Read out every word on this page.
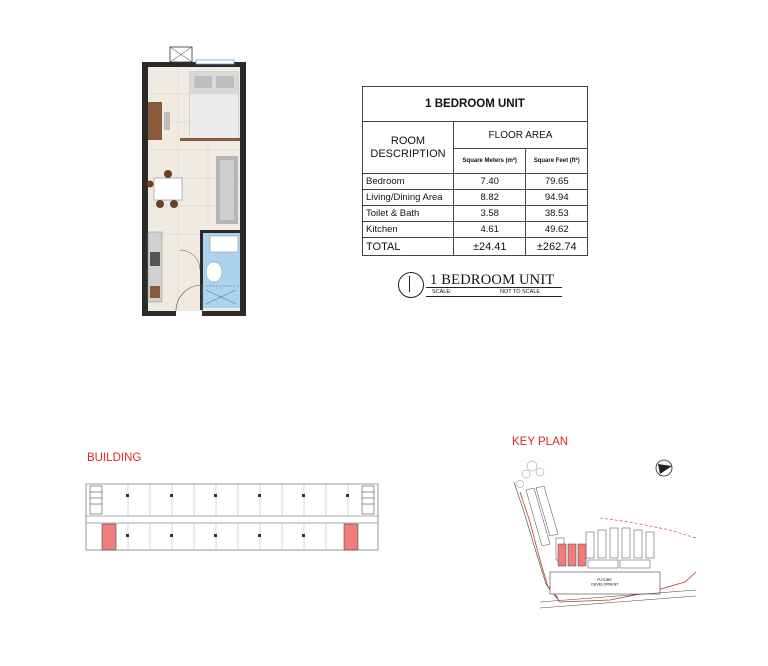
1 BEDROOM UNIT		
ROOM
DESCRIPTION	FLOOR AREA	
	Square Meters (m²)	Square Feet (ft²)
Bedroom	7.40	79.65
Living/Dining Area	8.82	94.94
Toilet & Bath	3.58	38.53
Kitchen	4.61	49.62
TOTAL	±24.41	±262.74
1 BEDROOM UNIT
SCALE:	NOT TO SCALE
BUILDING
KEY PLAN
FUTURE DEVELOPMENT
